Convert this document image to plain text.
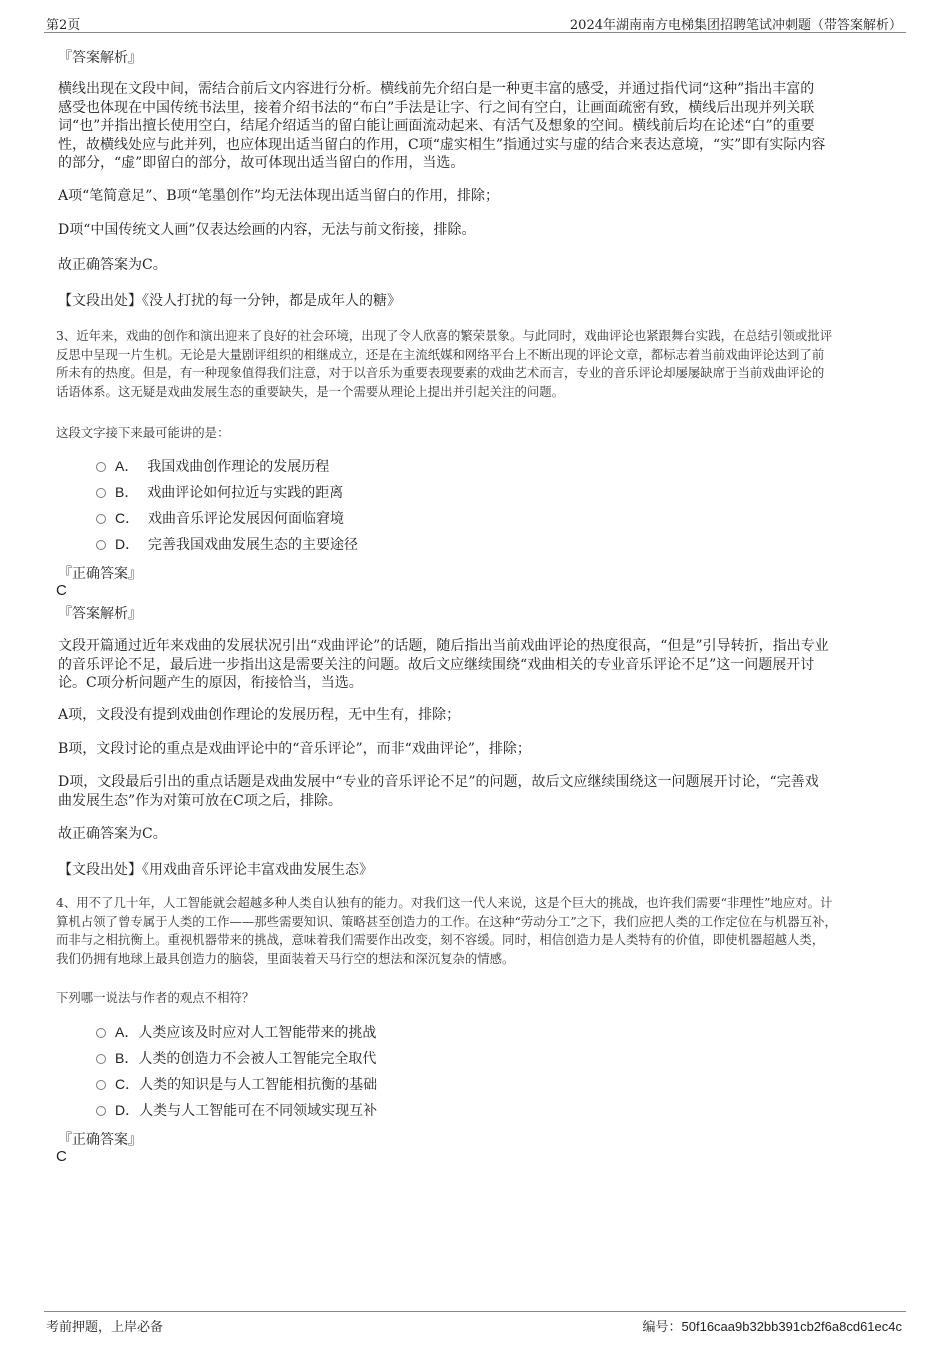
第2页	2024年湖南南方电梯集团招聘笔试冲刺题（带答案解析）
『答案解析』
横线出现在文段中间，需结合前后文内容进行分析。横线前先介绍白是一种更丰富的感受，并通过指代词“这种”指出丰富的
感受也体现在中国传统书法里，接着介绍书法的“布白”手法是让字、行之间有空白，让画面疏密有致，横线后出现并列关联
词“也”并指出擅长使用空白，结尾介绍适当的留白能让画面流动起来、有活气及想象的空间。横线前后均在论述“白”的重要
性，故横线处应与此并列，也应体现出适当留白的作用，C项“虚实相生”指通过实与虚的结合来表达意境，“实”即有实际内容
的部分，“虚”即留白的部分，故可体现出适当留白的作用，当选。
A项“笔简意足”、B项“笔墨创作”均无法体现出适当留白的作用，排除；
D项“中国传统文人画”仅表达绘画的内容，无法与前文衔接，排除。
故正确答案为C。
【文段出处】《没人打扰的每一分钟，都是成年人的糖》
3、近年来，戏曲的创作和演出迎来了良好的社会环境，出现了令人欣喜的繁荣景象。与此同时，戏曲评论也紧跟舞台实践，在总结引领或批评
反思中呈现一片生机。无论是大量剧评组织的相继成立，还是在主流纸媒和网络平台上不断出现的评论文章，都标志着当前戏曲评论达到了前
所未有的热度。但是，有一种现象值得我们注意，对于以音乐为重要表现要素的戏曲艺术而言，专业的音乐评论却屡屡缺席于当前戏曲评论的
话语体系。这无疑是戏曲发展生态的重要缺失，是一个需要从理论上提出并引起关注的问题。
这段文字接下来最可能讲的是：
A． 我国戏曲创作理论的发展历程
B． 戏曲评论如何拉近与实践的距离
C． 戏曲音乐评论发展因何面临窘境
D． 完善我国戏曲发展生态的主要途径
『正确答案』
C
『答案解析』
文段开篇通过近年来戏曲的发展状况引出“戏曲评论”的话题，随后指出当前戏曲评论的热度很高，“但是”引导转折，指出专业
的音乐评论不足，最后进一步指出这是需要关注的问题。故后文应继续围绕“戏曲相关的专业音乐评论不足”这一问题展开讨
论。C项分析问题产生的原因，衔接恰当，当选。
A项，文段没有提到戏曲创作理论的发展历程，无中生有，排除；
B项，文段讨论的重点是戏曲评论中的“音乐评论”，而非“戏曲评论”，排除；
D项，文段最后引出的重点话题是戏曲发展中“专业的音乐评论不足”的问题，故后文应继续围绕这一问题展开讨论，“完善戏
曲发展生态”作为对策可放在C项之后，排除。
故正确答案为C。
【文段出处】《用戏曲音乐评论丰富戏曲发展生态》
4、用不了几十年，人工智能就会超越多种人类自认独有的能力。对我们这一代人来说，这是个巨大的挑战，也许我们需要“非理性”地应对。计
算机占领了曾专属于人类的工作——那些需要知识、策略甚至创造力的工作。在这种“劳动分工”之下，我们应把人类的工作定位在与机器互补，
而非与之相抗衡上。重视机器带来的挑战，意味着我们需要作出改变，刻不容缓。同时，相信创造力是人类特有的价值，即使机器超越人类，
我们仍拥有地球上最具创造力的脑袋，里面装着天马行空的想法和深沉复杂的情感。
下列哪一说法与作者的观点不相符？
A．人类应该及时应对人工智能带来的挑战
B．人类的创造力不会被人工智能完全取代
C．人类的知识是与人工智能相抗衡的基础
D．人类与人工智能可在不同领域实现互补
『正确答案』
C
考前押题，上岸必备	编号：50f16caa9b32bb391cb2f6a8cd61ec4c
